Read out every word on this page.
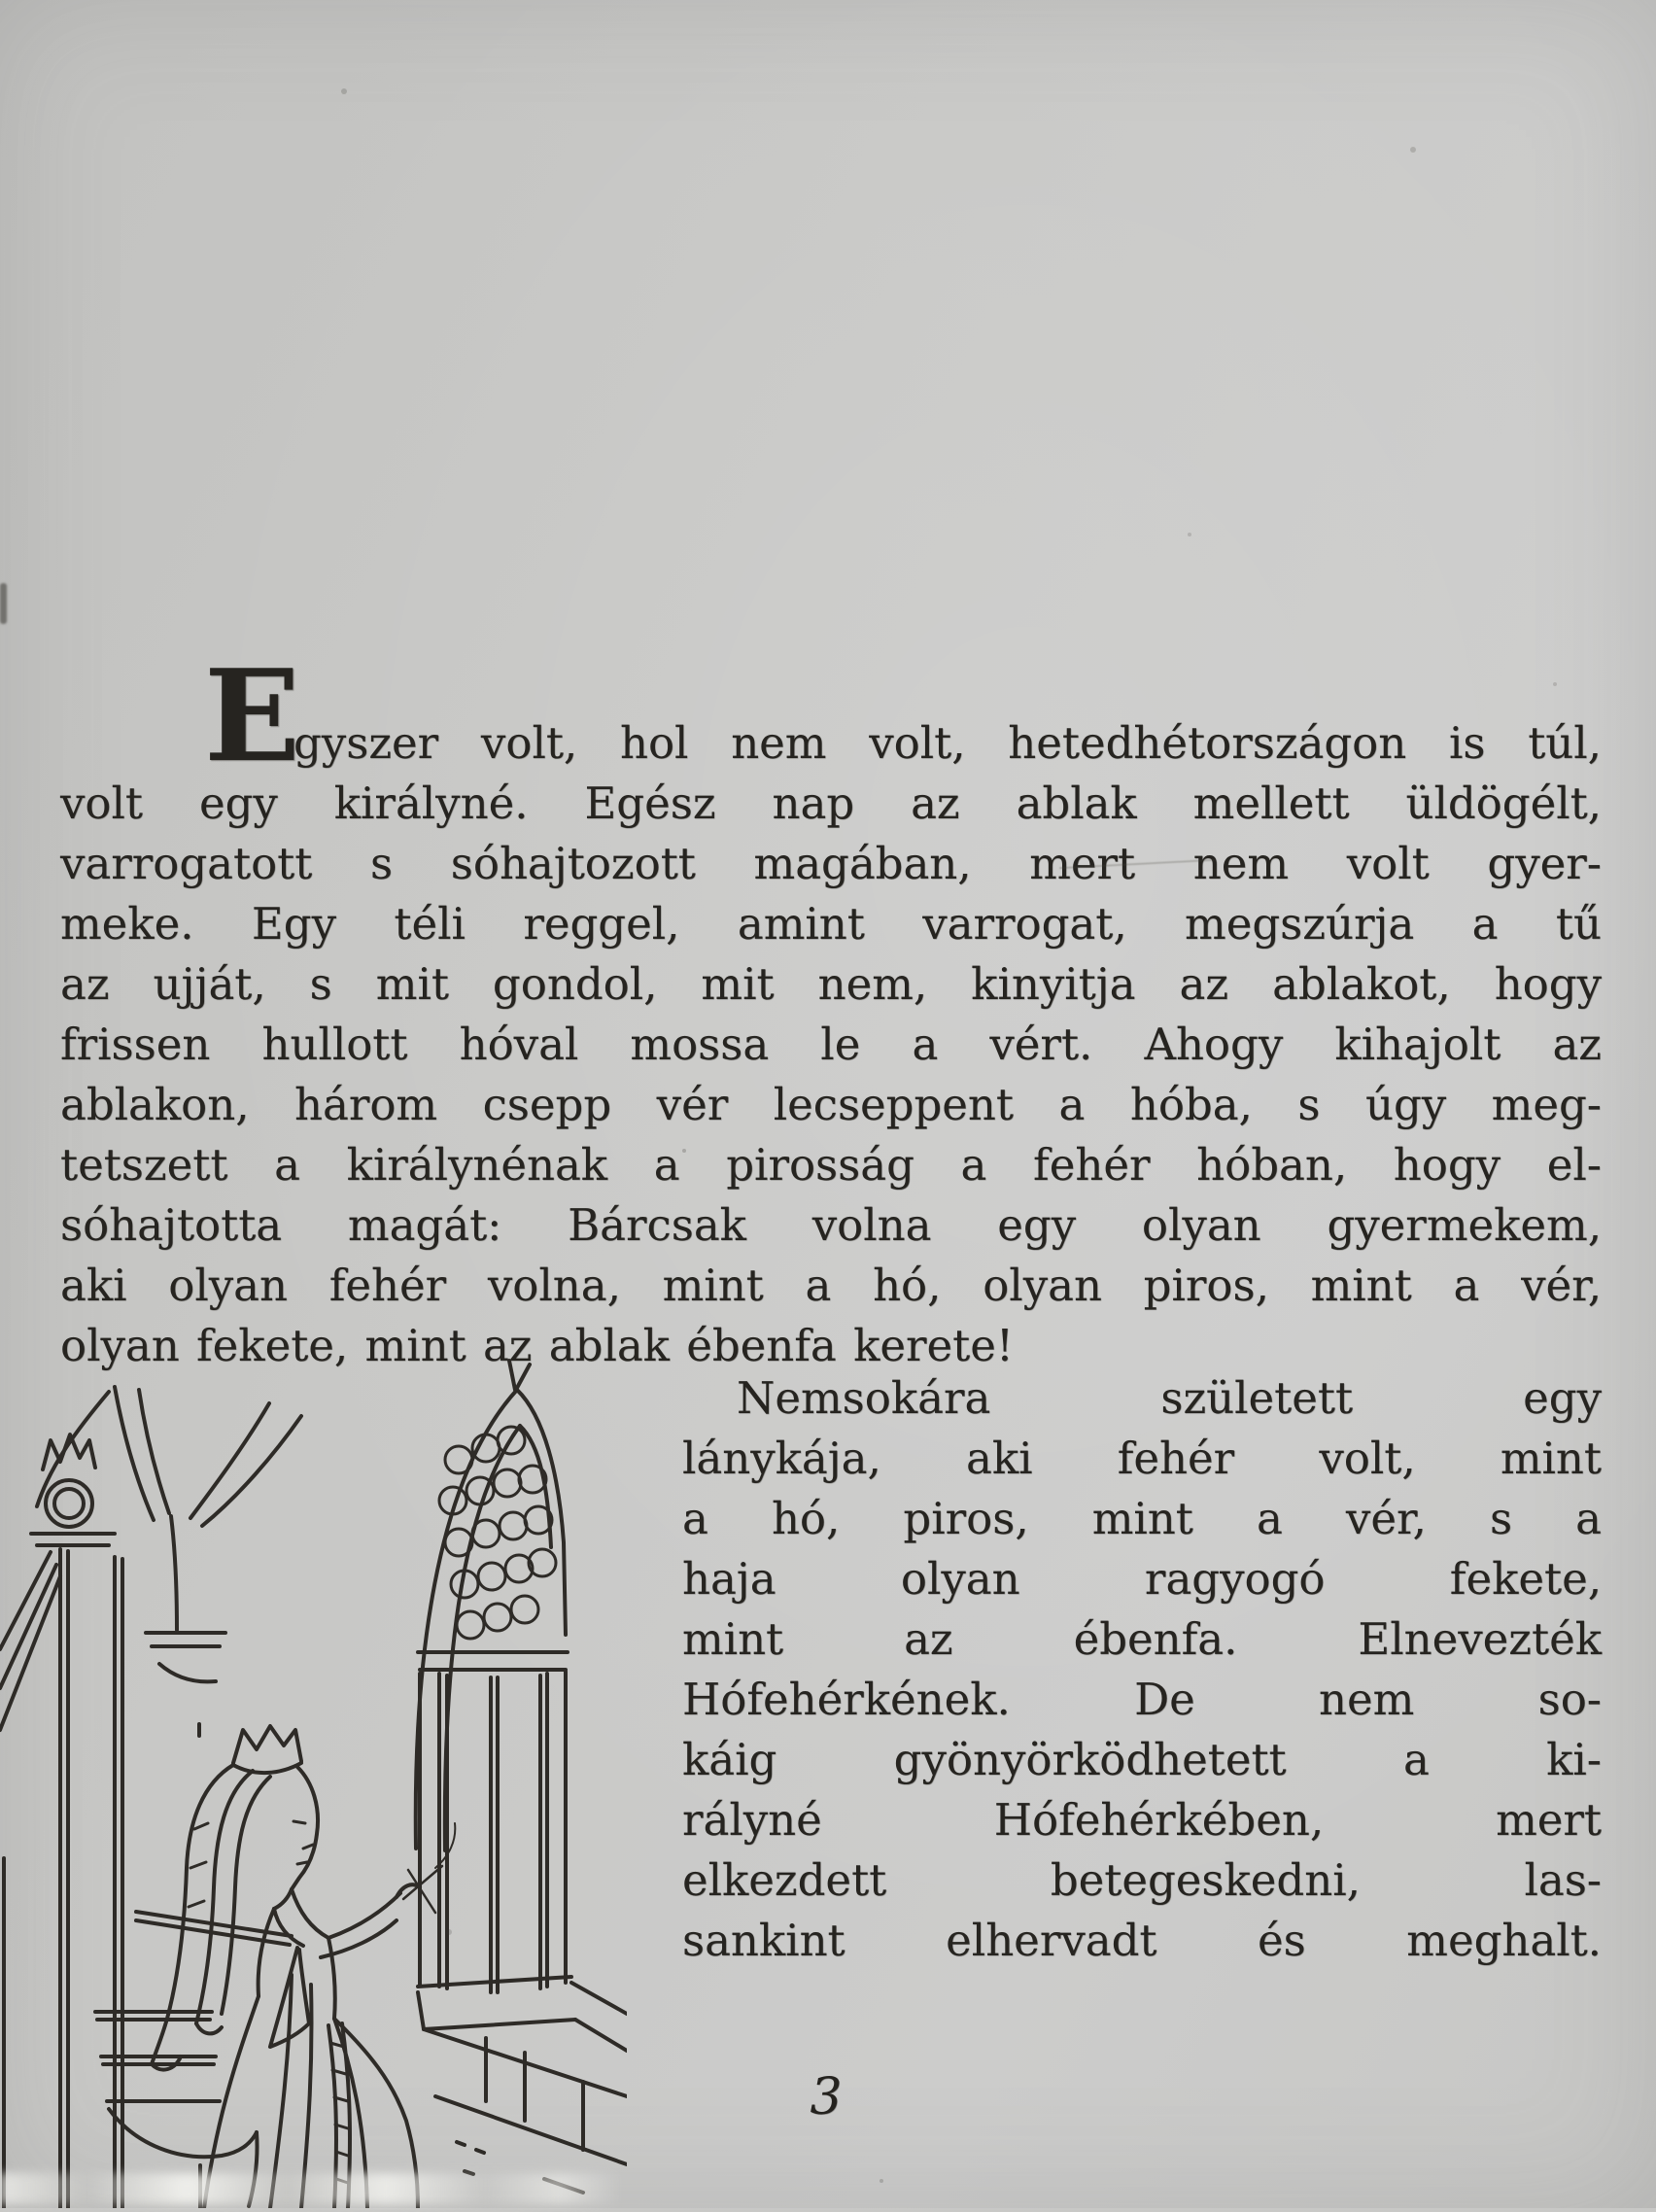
E
gyszer volt, hol nem volt, hetedhétországon is túl,
volt egy királyné. Egész nap az ablak mellett üldögélt,
varrogatott s sóhajtozott magában, mert nem volt gyer-
meke. Egy téli reggel, amint varrogat, megszúrja a tű
az ujját, s mit gondol, mit nem, kinyitja az ablakot, hogy
frissen hullott hóval mossa le a vért. Ahogy kihajolt az
ablakon, három csepp vér lecseppent a hóba, s úgy meg-
tetszett a királynénak a pirosság a fehér hóban, hogy el-
sóhajtotta magát: Bárcsak volna egy olyan gyermekem,
aki olyan fehér volna, mint a hó, olyan piros, mint a vér,
olyan fekete, mint az ablak ébenfa kerete!
Nemsokára született egy
lánykája, aki fehér volt, mint
a hó, piros, mint a vér, s a
haja olyan ragyogó fekete,
mint az ébenfa. Elnevezték
Hófehérkének. De nem so-
káig gyönyörködhetett a ki-
rályné Hófehérkében, mert
elkezdett betegeskedni, las-
sankint elhervadt és meghalt.
3
